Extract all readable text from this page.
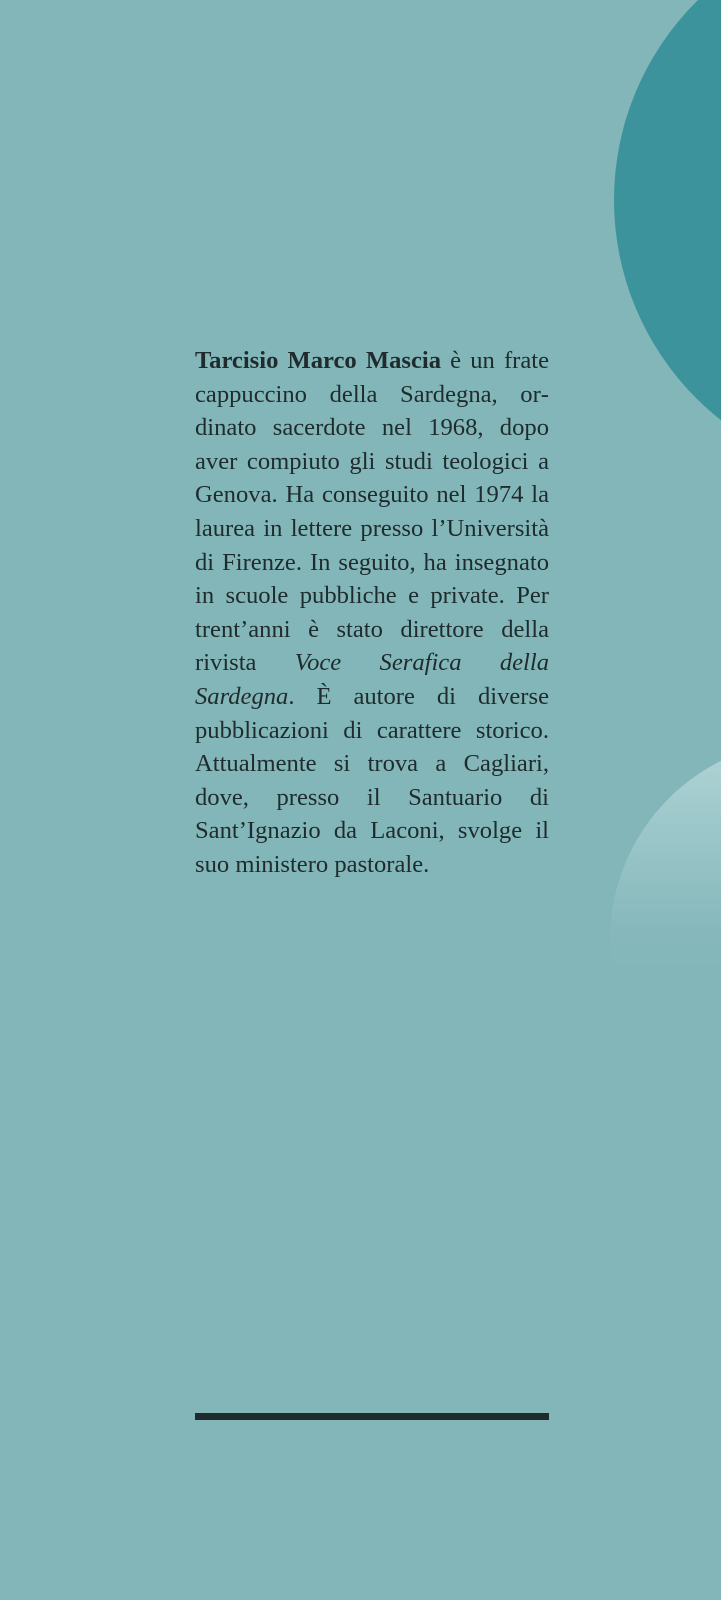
Tarcisio Marco Mascia è un frate cappuccino della Sardegna, ordinato sacerdote nel 1968, dopo aver compiuto gli studi teologici a Genova. Ha conseguito nel 1974 la laurea in lettere presso l’Università di Firenze. In seguito, ha insegnato in scuole pubbliche e private. Per trent’anni è stato direttore della rivista Voce Serafica della Sardegna. È autore di diverse pubblicazioni di carattere storico. Attualmente si trova a Cagliari, dove, presso il Santuario di Sant’Ignazio da Laconi, svolge il suo ministero pastorale.
